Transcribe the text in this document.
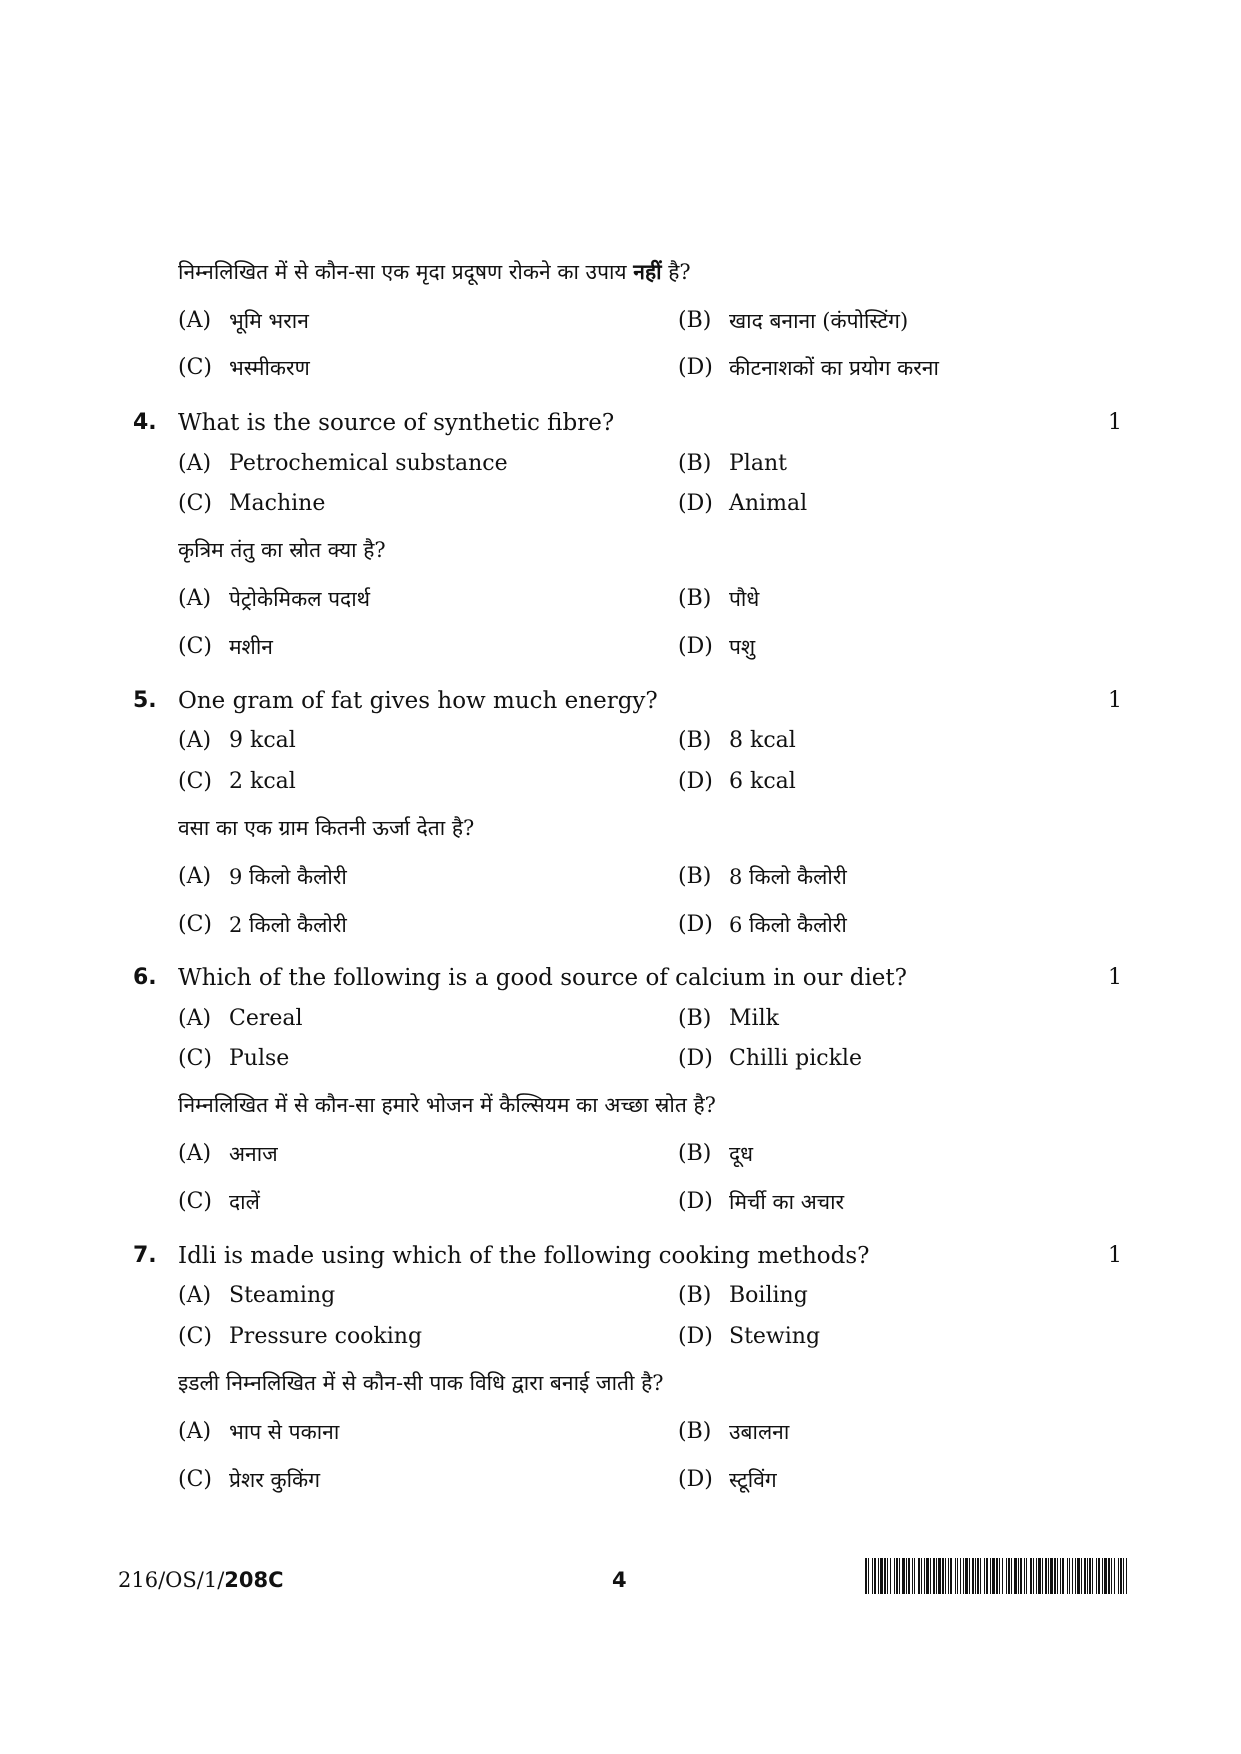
निम्नलिखित में से कौन-सा एक मृदा प्रदूषण रोकने का उपाय नहीं है?
(A) भूमि भरान	(B) खाद बनाना (कंपोस्टिंग)
(C) भस्मीकरण	(D) कीटनाशकों का प्रयोग करना
4. What is the source of synthetic fibre?	1
(A) Petrochemical substance	(B) Plant
(C) Machine	(D) Animal
कृत्रिम तंतु का स्रोत क्या है?
(A) पेट्रोकेमिकल पदार्थ	(B) पौधे
(C) मशीन	(D) पशु
5. One gram of fat gives how much energy?	1
(A) 9 kcal	(B) 8 kcal
(C) 2 kcal	(D) 6 kcal
वसा का एक ग्राम कितनी ऊर्जा देता है?
(A) 9 किलो कैलोरी	(B) 8 किलो कैलोरी
(C) 2 किलो कैलोरी	(D) 6 किलो कैलोरी
6. Which of the following is a good source of calcium in our diet?	1
(A) Cereal	(B) Milk
(C) Pulse	(D) Chilli pickle
निम्नलिखित में से कौन-सा हमारे भोजन में कैल्सियम का अच्छा स्रोत है?
(A) अनाज	(B) दूध
(C) दालें	(D) मिर्ची का अचार
7. Idli is made using which of the following cooking methods?	1
(A) Steaming	(B) Boiling
(C) Pressure cooking	(D) Stewing
इडली निम्नलिखित में से कौन-सी पाक विधि द्वारा बनाई जाती है?
(A) भाप से पकाना	(B) उबालना
(C) प्रेशर कुकिंग	(D) स्टूविंग
216/OS/1/208C	4
